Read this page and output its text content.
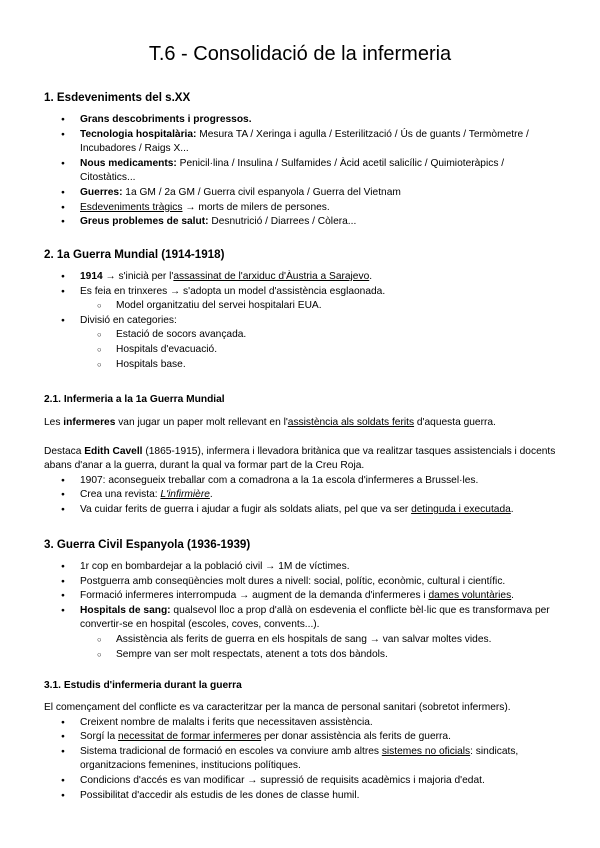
T.6 - Consolidació de la infermeria
1. Esdeveniments del s.XX
● Grans descobriments i progressos.
● Tecnologia hospitalària: Mesura TA / Xeringa i agulla / Esterilització / Ús de guants / Termòmetre / Incubadores / Raigs X...
● Nous medicaments: Penicil·lina / Insulina / Sulfamides / Àcid acetil salicílic / Quimioteràpics / Citostàtics...
● Guerres: 1a GM / 2a GM / Guerra civil espanyola / Guerra del Vietnam
● Esdeveniments tràgics → morts de milers de persones.
● Greus problemes de salut: Desnutrició / Diarrees / Còlera...
2. 1a Guerra Mundial (1914-1918)
● 1914 → s'inicià per l'assassinat de l'arxiduc d'Àustria a Sarajevo.
● Es feia en trinxeres → s'adopta un model d'assistència esglaonada.
○ Model organitzatiu del servei hospitalari EUA.
● Divisió en categories:
○ Estació de socors avançada.
○ Hospitals d'evacuació.
○ Hospitals base.
2.1. Infermeria a la 1a Guerra Mundial

Les infermeres van jugar un paper molt rellevant en l'assistència als soldats ferits d'aquesta guerra.

Destaca Edith Cavell (1865-1915), infermera i llevadora britànica que va realitzar tasques assistencials i docents abans d'anar a la guerra, durant la qual va formar part de la Creu Roja.

● 1907: aconsegueix treballar com a comadrona a la 1a escola d'infermeres a Brussel·les.
● Crea una revista: L'infirmière.
● Va cuidar ferits de guerra i ajudar a fugir als soldats aliats, pel que va ser detinguda i executada.
3. Guerra Civil Espanyola (1936-1939)
● 1r cop en bombardejar a la població civil → 1M de víctimes.
● Postguerra amb conseqüències molt dures a nivell: social, polític, econòmic, cultural i científic.
● Formació infermeres interrompuda → augment de la demanda d'infermeres i dames voluntàries.
● Hospitals de sang: qualsevol lloc a prop d'allà on esdevenia el conflicte bèl·lic que es transformava per convertir-se en hospital (escoles, coves, convents...).
○ Assistència als ferits de guerra en els hospitals de sang → van salvar moltes vides.
○ Sempre van ser molt respectats, atenent a tots dos bàndols.
3.1. Estudis d'infermeria durant la guerra

El començament del conflicte es va caracteritzar per la manca de personal sanitari (sobretot infermers).

● Creixent nombre de malalts i ferits que necessitaven assistència.
● Sorgí la necessitat de formar infermeres per donar assistència als ferits de guerra.
● Sistema tradicional de formació en escoles va conviure amb altres sistemes no oficials: sindicats, organitzacions femenines, institucions polítiques.
● Condicions d'accés es van modificar → supressió de requisits acadèmics i majoria d'edat.
● Possibilitat d'accedir als estudis de les dones de classe humil.
